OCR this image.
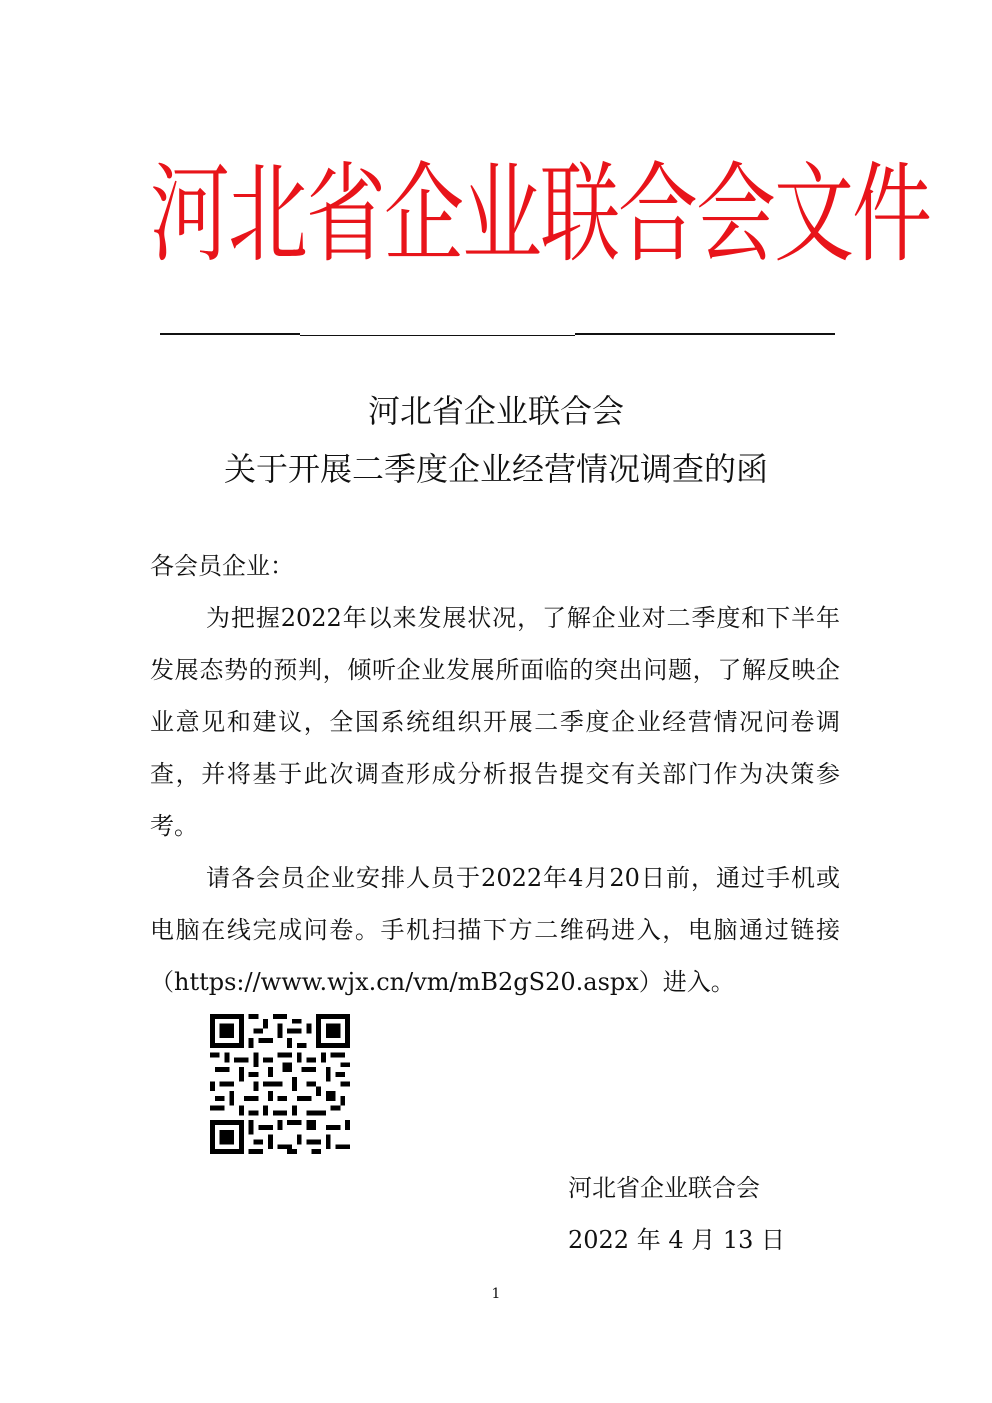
河北省企业联合会文件
河北省企业联合会
关于开展二季度企业经营情况调查的函
各会员企业：

为把握2022年以来发展状况，了解企业对二季度和下半年发展态势的预判，倾听企业发展所面临的突出问题，了解反映企业意见和建议，全国系统组织开展二季度企业经营情况问卷调查，并将基于此次调查形成分析报告提交有关部门作为决策参考。

请各会员企业安排人员于2022年4月20日前，通过手机或电脑在线完成问卷。手机扫描下方二维码进入，电脑通过链接（https://www.wjx.cn/vm/mB2gS20.aspx）进入。

河北省企业联合会
2022 年 4 月 13 日
1
